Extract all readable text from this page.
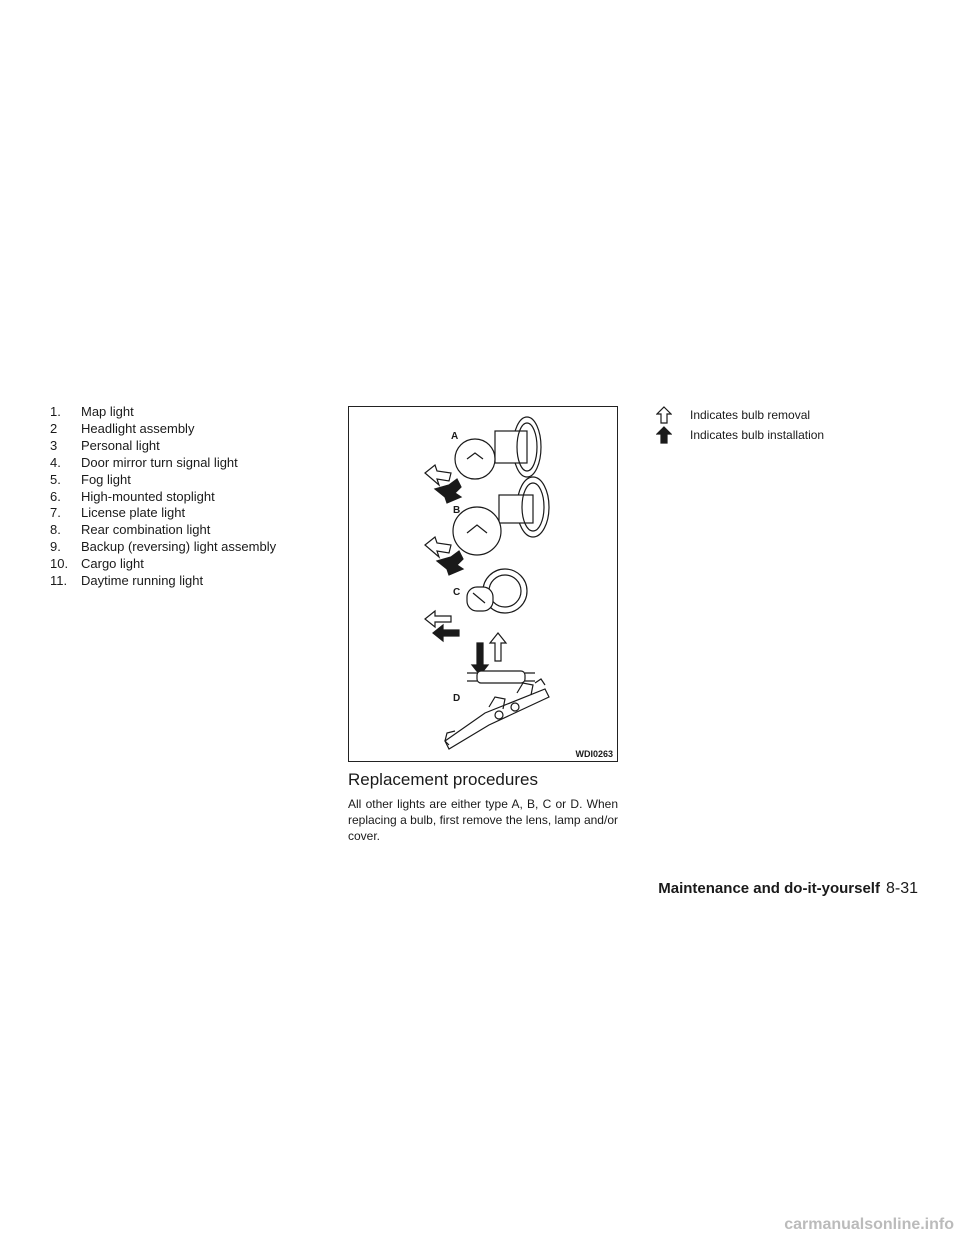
1.	Map light
2	Headlight assembly
3	Personal light
4.	Door mirror turn signal light
5.	Fog light
6.	High-mounted stoplight
7.	License plate light
8.	Rear combination light
9.	Backup (reversing) light assembly
10. Cargo light
11.	Daytime running light
A
B
C
D
WDI0263
Replacement procedures

All other lights are either type A, B, C or D. When replacing a bulb, first remove the lens, lamp and/or cover.

Indicates bulb removal
Indicates bulb installation
Maintenance and do-it-yourself 8-31
carmanualsonline.info
